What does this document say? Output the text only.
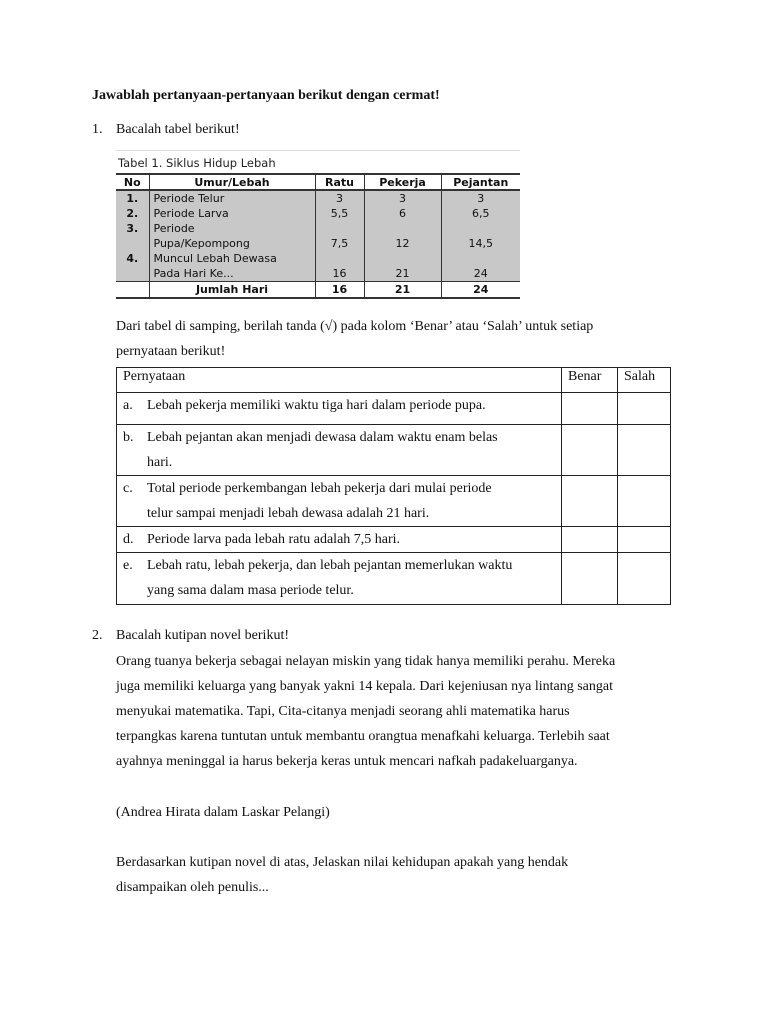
Jawablah pertanyaan-pertanyaan berikut dengan cermat!
1. Bacalah tabel berikut!
Tabel 1. Siklus Hidup Lebah
No	Umur/Lebah	Ratu	Pekerja	Pejantan
1.	Periode Telur	3	3	3
2.	Periode Larva	5,5	6	6,5
3.	Periode			
	Pupa/Kepompong	7,5	12	14,5
4.	Muncul Lebah Dewasa			
	Pada Hari Ke...	16	21	24
	Jumlah Hari	16	21	24
Dari tabel di samping, berilah tanda (√) pada kolom ‘Benar’ atau ‘Salah’ untuk setiap
pernyataan berikut!
Pernyataan	Benar	Salah

a. Lebah pekerja memiliki waktu tiga hari dalam periode pupa.		

b. Lebah pejantan akan menjadi dewasa dalam waktu enam belas
hari.		

c. Total periode perkembangan lebah pekerja dari mulai periode
telur sampai menjadi lebah dewasa adalah 21 hari.		

d. Periode larva pada lebah ratu adalah 7,5 hari.		

e. Lebah ratu, lebah pekerja, dan lebah pejantan memerlukan waktu
yang sama dalam masa periode telur.		

2. Bacalah kutipan novel berikut!
Orang tuanya bekerja sebagai nelayan miskin yang tidak hanya memiliki perahu. Mereka
juga memiliki keluarga yang banyak yakni 14 kepala. Dari kejeniusan nya lintang sangat
menyukai matematika. Tapi, Cita-citanya menjadi seorang ahli matematika harus
terpangkas karena tuntutan untuk membantu orangtua menafkahi keluarga. Terlebih saat
ayahnya meninggal ia harus bekerja keras untuk mencari nafkah padakeluarganya.
(Andrea Hirata dalam Laskar Pelangi)
Berdasarkan kutipan novel di atas, Jelaskan nilai kehidupan apakah yang hendak
disampaikan oleh penulis...
